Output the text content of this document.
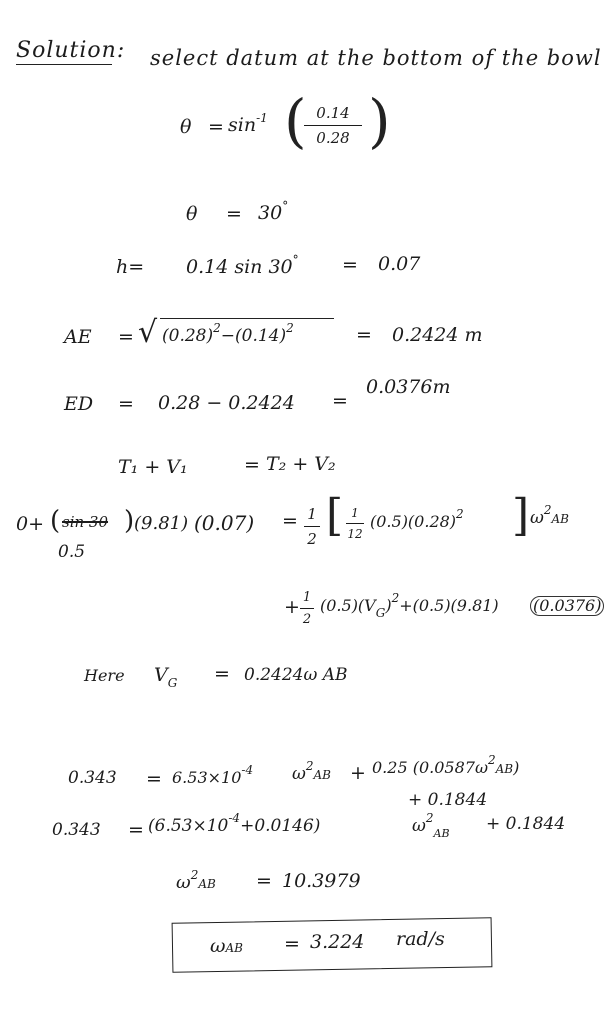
Solution: select datum at the bottom of the bowl
$\theta = \sin^{-1}$ (
$\frac{0.14}{0.28}$ )
θ = 30°
h= 0.14 sin 30° = 0.07
AE = √ $(0.28)^2-(0.14)^2$	= 0.2424 m
ED = 0.28 − 0.2424 =
0.0376m
T₁ + V₁	= T₂ + V₂
0+ ( sin 30 )
0.5
(9.81) $(0.07) = \frac{1}{2}$ [ $\frac{1}{12} (0.5)(0.28)^2$ ] $\omega^2AB$
+ $\frac{1}{2} (0.5)(V_G)^2+(0.5)(9.81)$ (0.0376)
Here $V_G = 0.2424\omega$ AB
$0.343 = 6.53\times 10^{-4}$ $\omega^2AB + 0.25$ $(0.0587\omega^2AB)$
+ 0.1844
$0.343 = (6.53\times 10^{-4}+0.0146)$	$\omega^2_{AB} + 0.1844$
$\omega^2AB = 10.3979$
ωAB = 3.224 rad/s
